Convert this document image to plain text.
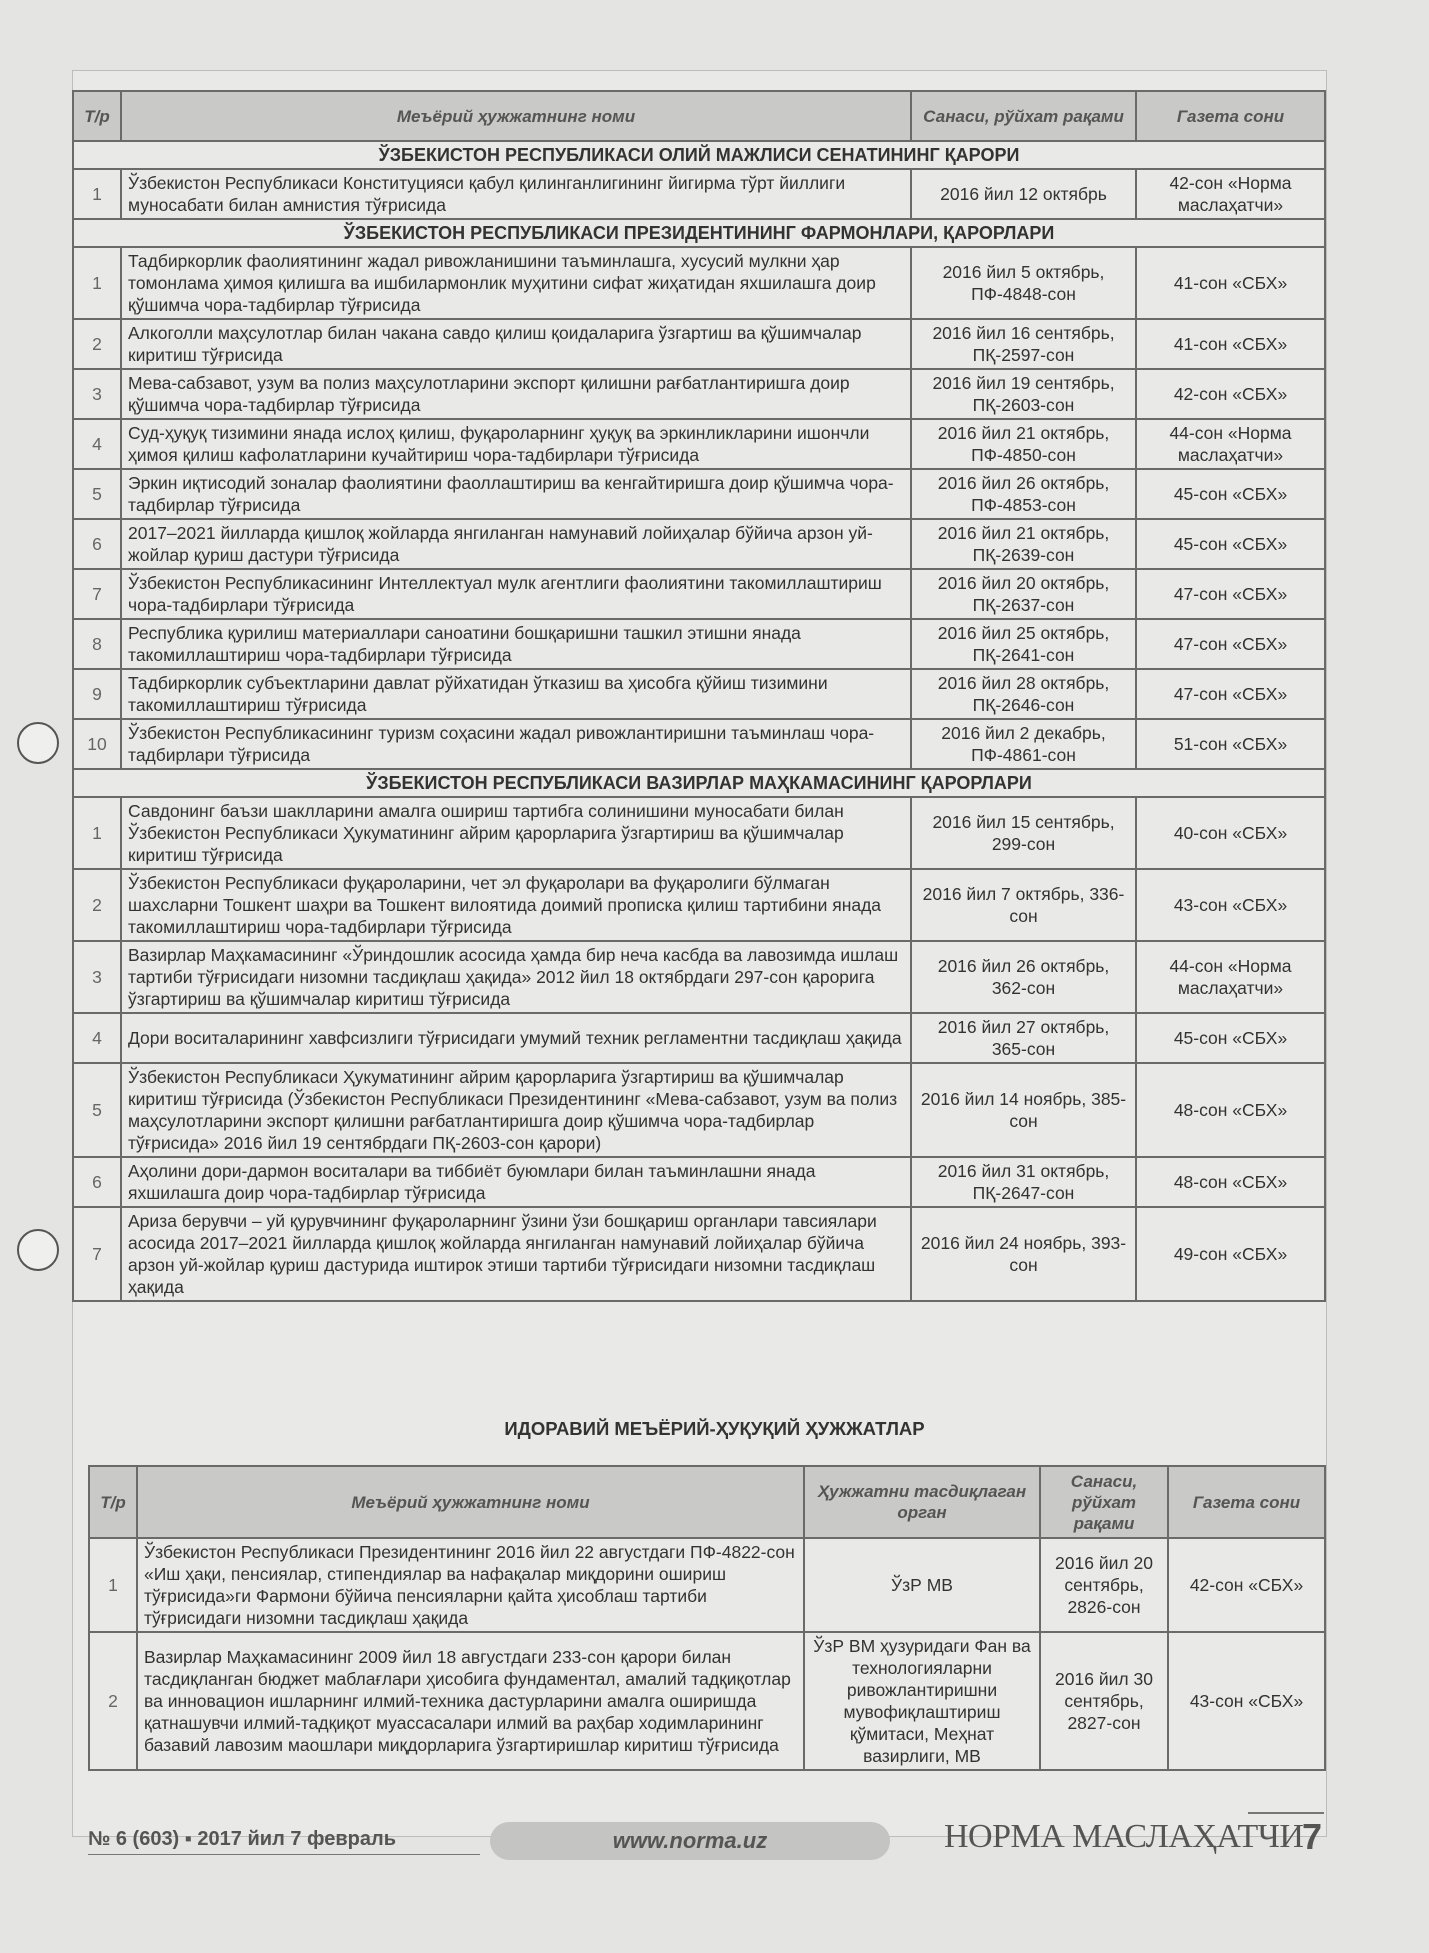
Т/р	Меъёрий ҳужжатнинг номи	Санаси, рўйхат рақами	Газета сони
ЎЗБЕКИСТОН РЕСПУБЛИКАСИ ОЛИЙ МАЖЛИСИ СЕНАТИНИНГ ҚАРОРИ			
1	Ўзбекистон Республикаси Конституцияси қабул қилинганлигининг йигирма тўрт йиллиги муносабати билан амнистия тўғрисида	2016 йил 12 октябрь	42-сон «Норма маслаҳатчи»
ЎЗБЕКИСТОН РЕСПУБЛИКАСИ ПРЕЗИДЕНТИНИНГ ФАРМОНЛАРИ, ҚАРОРЛАРИ			
1	Тадбиркорлик фаолиятининг жадал ривожланишини таъминлашга, хусусий мулкни ҳар томонлама ҳимоя қилишга ва ишбилармонлик муҳитини сифат жиҳатидан яхшилашга доир қўшимча чора-тадбирлар тўғрисида	2016 йил 5 октябрь, ПФ-4848-сон	41-сон «СБХ»
2	Алкоголли маҳсулотлар билан чакана савдо қилиш қоидаларига ўзгартиш ва қўшимчалар киритиш тўғрисида	2016 йил 16 сентябрь, ПҚ-2597-сон	41-сон «СБХ»
3	Мева-сабзавот, узум ва полиз маҳсулотларини экспорт қилишни рағбатлантиришга доир қўшимча чора-тадбирлар тўғрисида	2016 йил 19 сентябрь, ПҚ-2603-сон	42-сон «СБХ»
4	Суд-ҳуқуқ тизимини янада ислоҳ қилиш, фуқароларнинг ҳуқуқ ва эркинликларини ишончли ҳимоя қилиш кафолатларини кучайтириш чора-тадбирлари тўғрисида	2016 йил 21 октябрь, ПФ-4850-сон	44-сон «Норма маслаҳатчи»
5	Эркин иқтисодий зоналар фаолиятини фаоллаштириш ва кенгайтиришга доир қўшимча чора-тадбирлар тўғрисида	2016 йил 26 октябрь, ПФ-4853-сон	45-сон «СБХ»
6	2017–2021 йилларда қишлоқ жойларда янгиланган намунавий лойиҳалар бўйича арзон уй-жойлар қуриш дастури тўғрисида	2016 йил 21 октябрь, ПҚ-2639-сон	45-сон «СБХ»
7	Ўзбекистон Республикасининг Интеллектуал мулк агентлиги фаолиятини такомиллаштириш чора-тадбирлари тўғрисида	2016 йил 20 октябрь, ПҚ-2637-сон	47-сон «СБХ»
8	Республика қурилиш материаллари саноатини бошқаришни ташкил этишни янада такомиллаштириш чора-тадбирлари тўғрисида	2016 йил 25 октябрь, ПҚ-2641-сон	47-сон «СБХ»
9	Тадбиркорлик субъектларини давлат рўйхатидан ўтказиш ва ҳисобга қўйиш тизимини такомиллаштириш тўғрисида	2016 йил 28 октябрь, ПҚ-2646-сон	47-сон «СБХ»
10	Ўзбекистон Республикасининг туризм соҳасини жадал ривожлантиришни таъминлаш чора-тадбирлари тўғрисида	2016 йил 2 декабрь, ПФ-4861-сон	51-сон «СБХ»
ЎЗБЕКИСТОН РЕСПУБЛИКАСИ ВАЗИРЛАР МАҲКАМАСИНИНГ ҚАРОРЛАРИ			
1	Савдонинг баъзи шаклларини амалга ошириш тартибга солинишини муносабати билан Ўзбекистон Республикаси Ҳукуматининг айрим қарорларига ўзгартириш ва қўшимчалар киритиш тўғрисида	2016 йил 15 сентябрь, 299-сон	40-сон «СБХ»
2	Ўзбекистон Республикаси фуқароларини, чет эл фуқаролари ва фуқаролиги бўлмаган шахсларни Тошкент шаҳри ва Тошкент вилоятида доимий прописка қилиш тартибини янада такомиллаштириш чора-тадбирлари тўғрисида	2016 йил 7 октябрь, 336-сон	43-сон «СБХ»
3	Вазирлар Маҳкамасининг «Ўриндошлик асосида ҳамда бир неча касбда ва лавозимда ишлаш тартиби тўғрисидаги низомни тасдиқлаш ҳақида» 2012 йил 18 октябрдаги 297-сон қарорига ўзгартириш ва қўшимчалар киритиш тўғрисида	2016 йил 26 октябрь, 362-сон	44-сон «Норма маслаҳатчи»
4	Дори воситаларининг хавфсизлиги тўғрисидаги умумий техник регламентни тасдиқлаш ҳақида	2016 йил 27 октябрь, 365-сон	45-сон «СБХ»
5	Ўзбекистон Республикаси Ҳукуматининг айрим қарорларига ўзгартириш ва қўшимчалар киритиш тўғрисида (Ўзбекистон Республикаси Президентининг «Мева-сабзавот, узум ва полиз маҳсулотларини экспорт қилишни рағбатлантиришга доир қўшимча чора-тадбирлар тўғрисида» 2016 йил 19 сентябрдаги ПҚ-2603-сон қарори)	2016 йил 14 ноябрь, 385-сон	48-сон «СБХ»
6	Аҳолини дори-дармон воситалари ва тиббиёт буюмлари билан таъминлашни янада яхшилашга доир чора-тадбирлар тўғрисида	2016 йил 31 октябрь, ПҚ-2647-сон	48-сон «СБХ»
7	Ариза берувчи – уй қурувчининг фуқароларнинг ўзини ўзи бошқариш органлари тавсиялари асосида 2017–2021 йилларда қишлоқ жойларда янгиланган намунавий лойиҳалар бўйича арзон уй-жойлар қуриш дастурида иштирок этиши тартиби тўғрисидаги низомни тасдиқлаш ҳақида	2016 йил 24 ноябрь, 393-сон	49-сон «СБХ»
ИДОРАВИЙ МЕЪЁРИЙ-ҲУҚУҚИЙ ҲУЖЖАТЛАР
Т/р	Меъёрий ҳужжатнинг номи	Ҳужжатни тасдиқлаган орган	Санаси, рўйхат рақами	Газета сони
1	Ўзбекистон Республикаси Президентининг 2016 йил 22 августдаги ПФ-4822-сон «Иш ҳақи, пенсиялар, стипендиялар ва нафақалар миқдорини ошириш тўғрисида»ги Фармони бўйича пенсияларни қайта ҳисоблаш тартиби тўғрисидаги низомни тасдиқлаш ҳақида	ЎзР МВ	2016 йил 20 сентябрь, 2826-сон	42-сон «СБХ»
2	Вазирлар Маҳкамасининг 2009 йил 18 августдаги 233-сон қарори билан тасдиқланган бюджет маблағлари ҳисобига фундаментал, амалий тадқиқотлар ва инновацион ишларнинг илмий-техника дастурларини амалга оширишда қатнашувчи илмий-тадқиқот муассасалари илмий ва раҳбар ходимларининг базавий лавозим маошлари миқдорларига ўзгартиришлар киритиш тўғрисида	ЎзР ВМ ҳузуридаги Фан ва технологияларни ривожлантиришни мувофиқлаштириш қўмитаси, Меҳнат вазирлиги, МВ	2016 йил 30 сентябрь, 2827-сон	43-сон «СБХ»
№ 6 (603) ▪ 2017 йил 7 февраль	www.norma.uz	НОРМА МАСЛАҲАТЧИ
7
